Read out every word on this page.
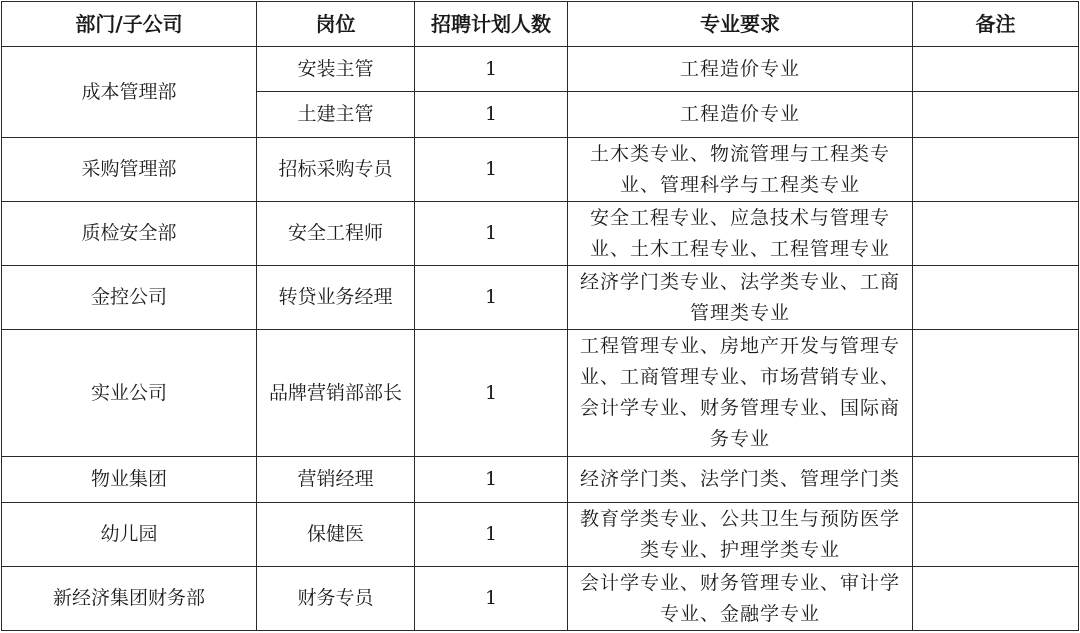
部门/子公司	岗位	招聘计划人数	专业要求	备注
成本管理部	安装主管	1	工程造价专业	
	土建主管	1	工程造价专业	
采购管理部	招标采购专员	1	土木类专业、物流管理与工程类专
业、管理科学与工程类专业	
质检安全部	安全工程师	1	安全工程专业、应急技术与管理专
业、土木工程专业、工程管理专业	
金控公司	转贷业务经理	1	经济学门类专业、法学类专业、工商
管理类专业	
实业公司	品牌营销部部长	1	工程管理专业、房地产开发与管理专
业、工商管理专业、市场营销专业、
会计学专业、财务管理专业、国际商
务专业	
物业集团	营销经理	1	经济学门类、法学门类、管理学门类	
幼儿园	保健医	1	教育学类专业、公共卫生与预防医学
类专业、护理学类专业	
新经济集团财务部	财务专员	1	会计学专业、财务管理专业、审计学
专业、金融学专业	
